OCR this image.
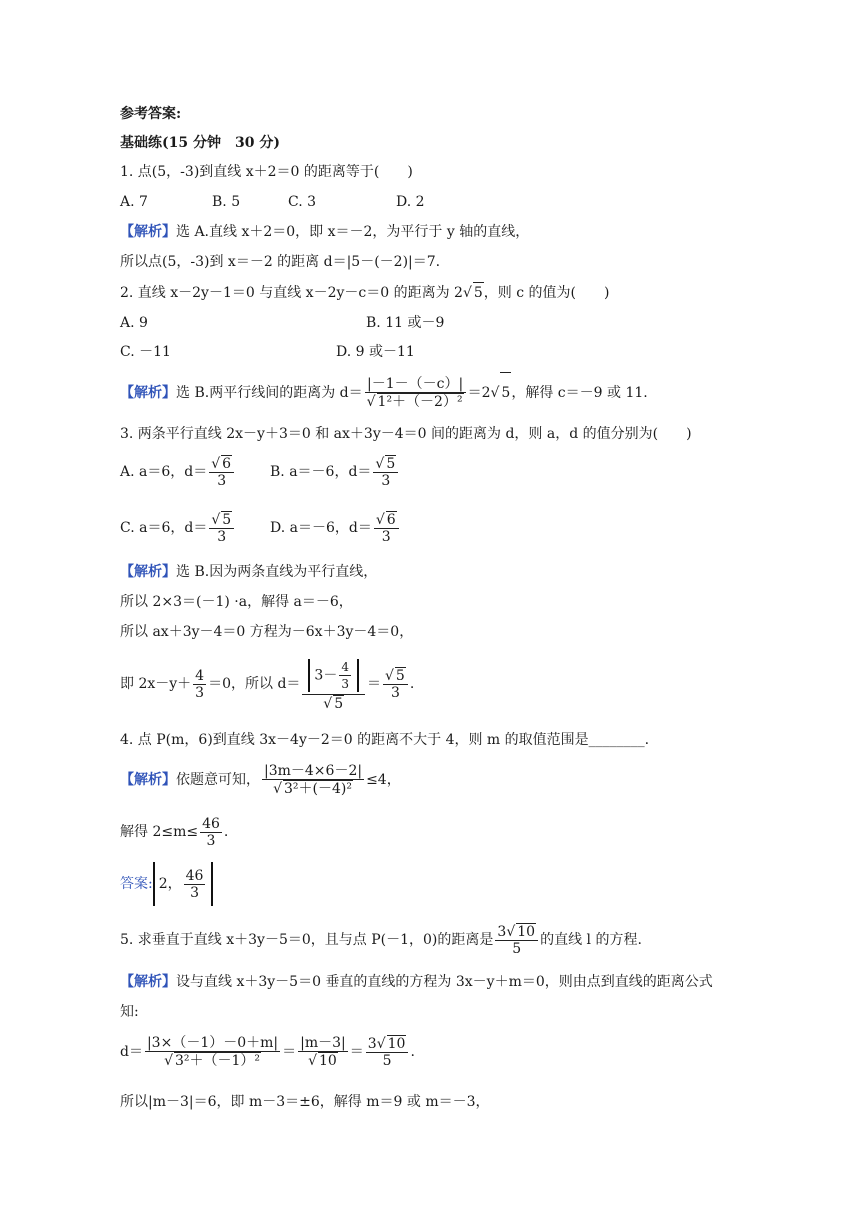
参考答案:
基础练(15 分钟　30 分)
1. 点(5，-3)到直线 x＋2＝0 的距离等于(　　)
A. 7	B. 5	C. 3	D. 2
【解析】选 A.直线 x＋2＝0，即 x＝－2，为平行于 y 轴的直线，
所以点(5，-3)到 x＝－2 的距离 d＝|5－(－2)|＝7.
2. 直线 x－2y－1＝0 与直线 x－2y－c＝0 的距离为 2√ 5，则 c 的值为(　　)
A. 9	B. 11 或－9
C. －11	D. 9 或－11
【解析】选 B.两平行线间的距离为 $d= \frac{|-1-(-c)|}{\text{√ 1²＋（－2）²}} =2√$ 5，解得 c＝－9 或 11.
3. 两条平行直线 2x－y＋3＝0 和 ax＋3y－4＝0 间的距离为 d，则 a，d 的值分别为(　　)
A. a＝6，$d= \frac{√ 6}{3}$	B. a＝－6，$d= \frac{√ 5}{3}$
C. a＝6，$d= \frac{√ 5}{3}$	D. a＝－6，$d= \frac{√ 6}{3}$
【解析】选 B.因为两条直线为平行直线，
所以 2×3＝(－1) ·a，解得 a＝－6，
所以 ax＋3y－4＝0 方程为－6x＋3y－4＝0，
即 $2x-y+ \frac{4}{3} =0$，所以 $d= \frac{3- \frac{4}{3}}{√ 5} = \frac{√ 5}{3}$ .
4. 点 P(m，6)到直线 3x－4y－2＝0 的距离不大于 4，则 m 的取值范围是________.
【解析】依题意可知， $\frac{|3m-4\times 6-2|}{\text{√ 3²＋(－4)²}} \le 4$，
解得 $2\le m\le \frac{46}{3}$ .
答案: 2， $\frac{46}{3}$
5. 求垂直于直线 x＋3y－5＝0，且与点 P(－1，0)的距离是 $\frac{3√ 10}{5}$ 的直线 l 的方程.
【解析】设与直线 x＋3y－5＝0 垂直的直线的方程为 3x－y＋m＝0，则由点到直线的距离公式
知:
$d= \frac{|3\times(-1)-0+m|}{\text{√ 3²＋（－1）²}} = \frac{|m-3|}{√ 10} = \frac{3√ 10}{5}$ .
所以|m－3|＝6，即 m－3＝±6，解得 m＝9 或 m＝－3，
